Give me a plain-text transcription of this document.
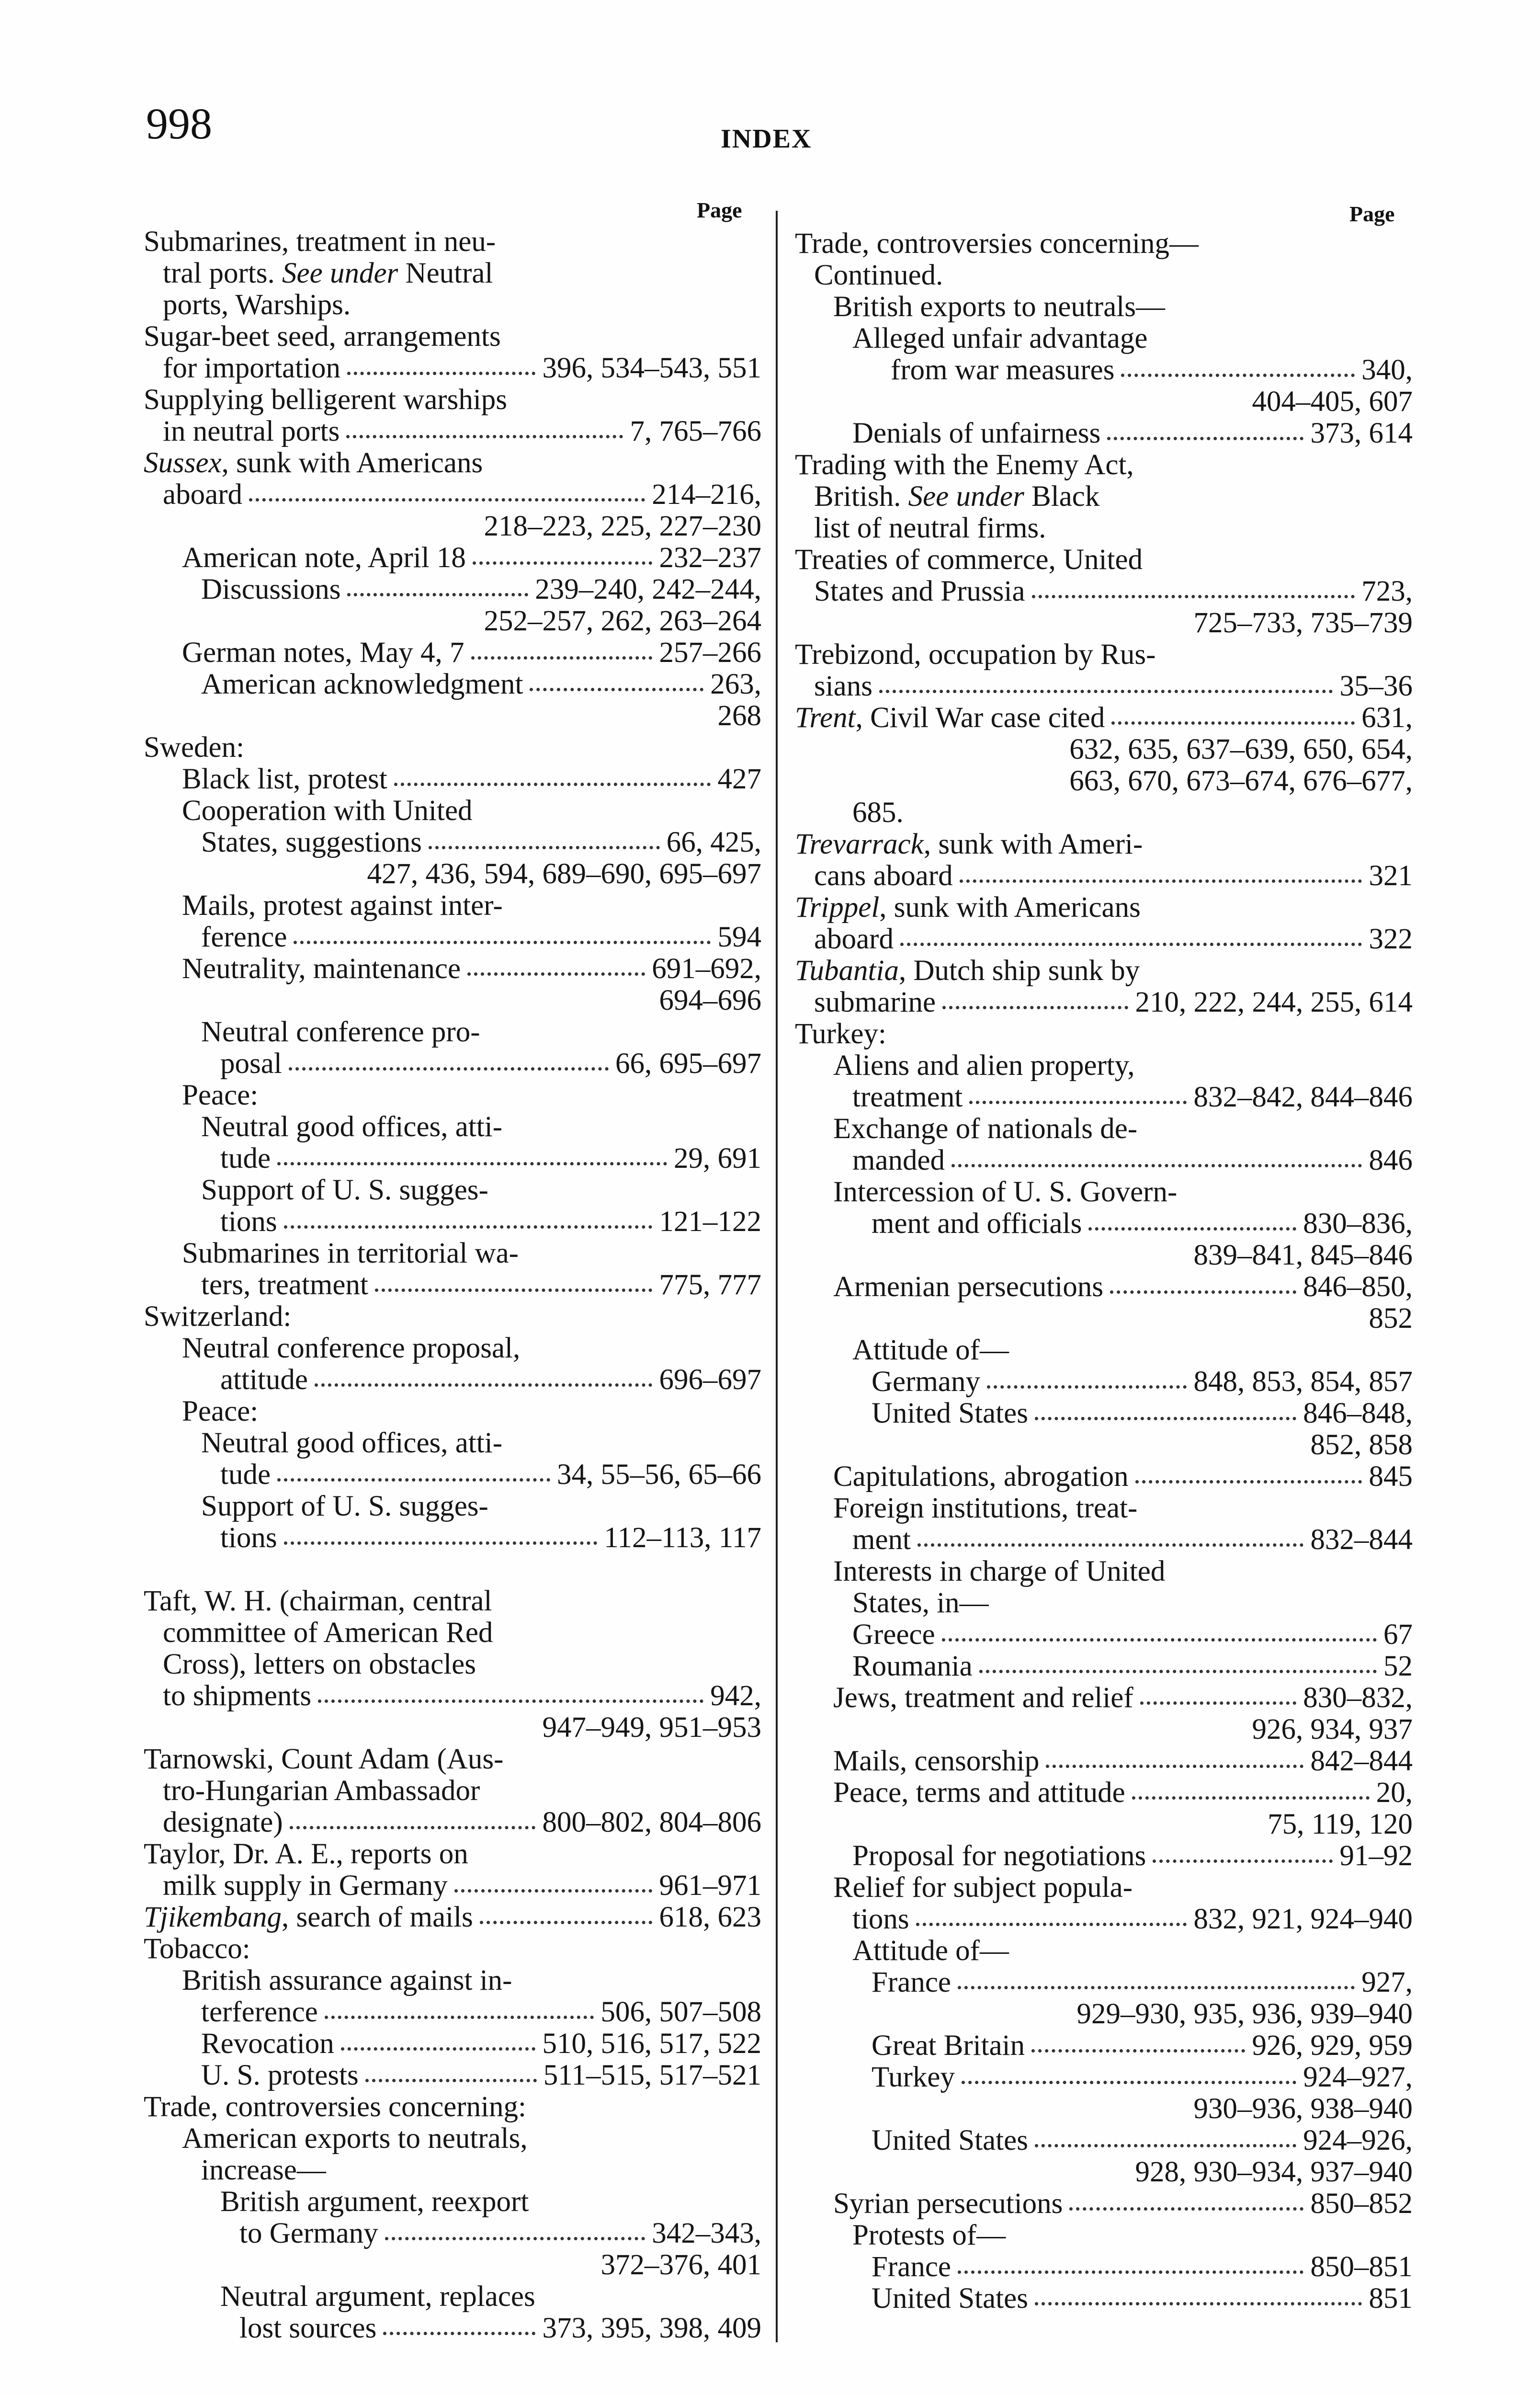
998	INDEX
Page	Page
Submarines, treatment in neu-
tral ports. See under Neutral
ports, Warships.
Sugar-beet seed, arrangements
for importation	396, 534–543, 551
Supplying belligerent warships
in neutral ports	7, 765–766
Sussex, sunk with Americans
aboard	214–216,
218–223, 225, 227–230
American note, April 18	232–237
Discussions	239–240, 242–244,
252–257, 262, 263–264
German notes, May 4, 7	257–266
American acknowledgment	263,
268
Sweden:
Black list, protest	427
Cooperation with United
States, suggestions	66, 425,
427, 436, 594, 689–690, 695–697
Mails, protest against inter-
ference	594
Neutrality, maintenance	691–692,
694–696
Neutral conference pro-
posal	66, 695–697
Peace:
Neutral good offices, atti-
tude	29, 691
Support of U. S. sugges-
tions	121–122
Submarines in territorial wa-
ters, treatment	775, 777
Switzerland:
Neutral conference proposal,
attitude	696–697
Peace:
Neutral good offices, atti-
tude	34, 55–56, 65–66
Support of U. S. sugges-
tions	112–113, 117
Taft, W. H. (chairman, central
committee of American Red
Cross), letters on obstacles
to shipments	942,
947–949, 951–953
Tarnowski, Count Adam (Aus-
tro-Hungarian Ambassador
designate)	800–802, 804–806
Taylor, Dr. A. E., reports on
milk supply in Germany	961–971
Tjikembang, search of mails	618, 623
Tobacco:
British assurance against in-
terference	506, 507–508
Revocation	510, 516, 517, 522
U. S. protests	511–515, 517–521
Trade, controversies concerning:
American exports to neutrals,
increase—
British argument, reexport
to Germany	342–343,
372–376, 401
Neutral argument, replaces
lost sources	373, 395, 398, 409
Trade, controversies concerning—
Continued.
British exports to neutrals—
Alleged unfair advantage
from war measures	340,
404–405, 607
Denials of unfairness	373, 614
Trading with the Enemy Act,
British. See under Black
list of neutral firms.
Treaties of commerce, United
States and Prussia	723,
725–733, 735–739
Trebizond, occupation by Rus-
sians	35–36
Trent, Civil War case cited	631,
632, 635, 637–639, 650, 654,
663, 670, 673–674, 676–677,
685.
Trevarrack, sunk with Ameri-
cans aboard	321
Trippel, sunk with Americans
aboard	322
Tubantia, Dutch ship sunk by
submarine	210, 222, 244, 255, 614
Turkey:
Aliens and alien property,
treatment	832–842, 844–846
Exchange of nationals de-
manded	846
Intercession of U. S. Govern-
ment and officials	830–836,
839–841, 845–846
Armenian persecutions	846–850,
852
Attitude of—
Germany	848, 853, 854, 857
United States	846–848,
852, 858
Capitulations, abrogation	845
Foreign institutions, treat-
ment	832–844
Interests in charge of United
States, in—
Greece	67
Roumania	52
Jews, treatment and relief	830–832,
926, 934, 937
Mails, censorship	842–844
Peace, terms and attitude	20,
75, 119, 120
Proposal for negotiations	91–92
Relief for subject popula-
tions	832, 921, 924–940
Attitude of—
France	927,
929–930, 935, 936, 939–940
Great Britain	926, 929, 959
Turkey	924–927,
930–936, 938–940
United States	924–926,
928, 930–934, 937–940
Syrian persecutions	850–852
Protests of—
France	850–851
United States	851
